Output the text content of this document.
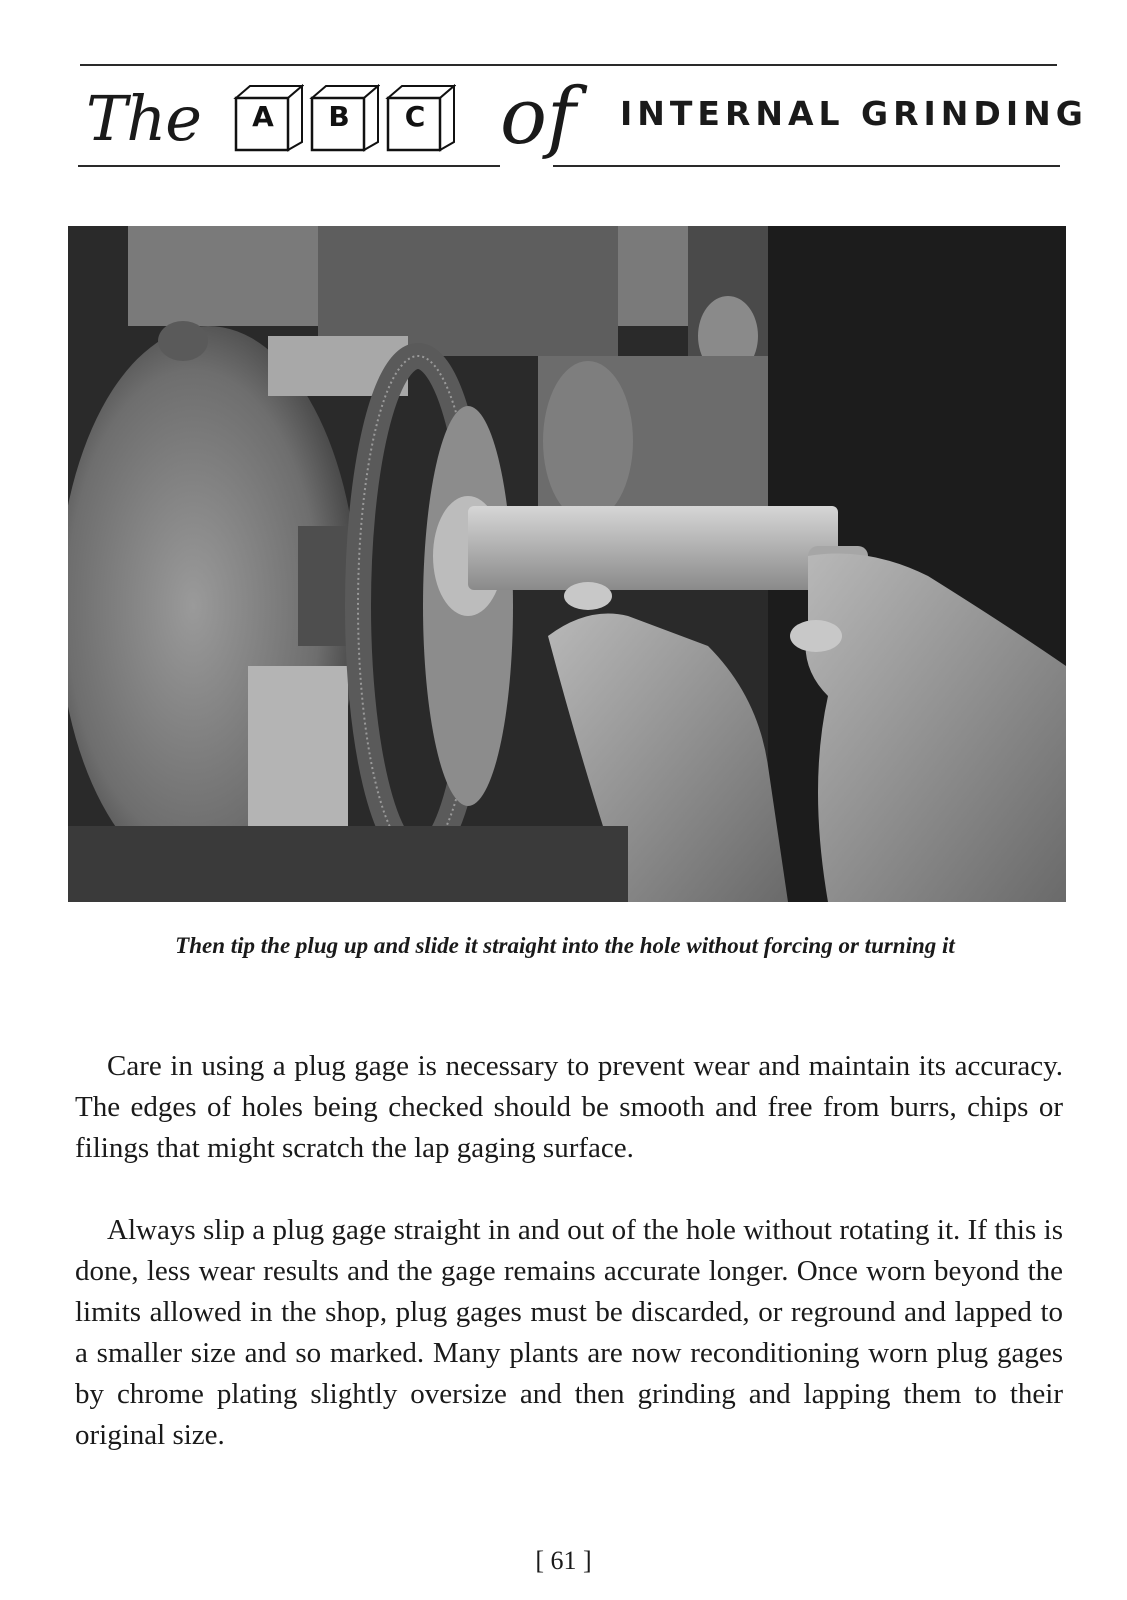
The	A	B	C of INTERNAL GRINDING
Then tip the plug up and slide it straight into the hole without forcing or turning it

Care in using a plug gage is necessary to prevent wear and maintain its accuracy. The edges of holes being checked should be smooth and free from burrs, chips or filings that might scratch the lap gaging surface.

Always slip a plug gage straight in and out of the hole without rotating it. If this is done, less wear results and the gage remains accurate longer. Once worn beyond the limits allowed in the shop, plug gages must be discarded, or reground and lapped to a smaller size and so marked. Many plants are now reconditioning worn plug gages by chrome plating slightly oversize and then grinding and lapping them to their original size.

[ 61 ]
